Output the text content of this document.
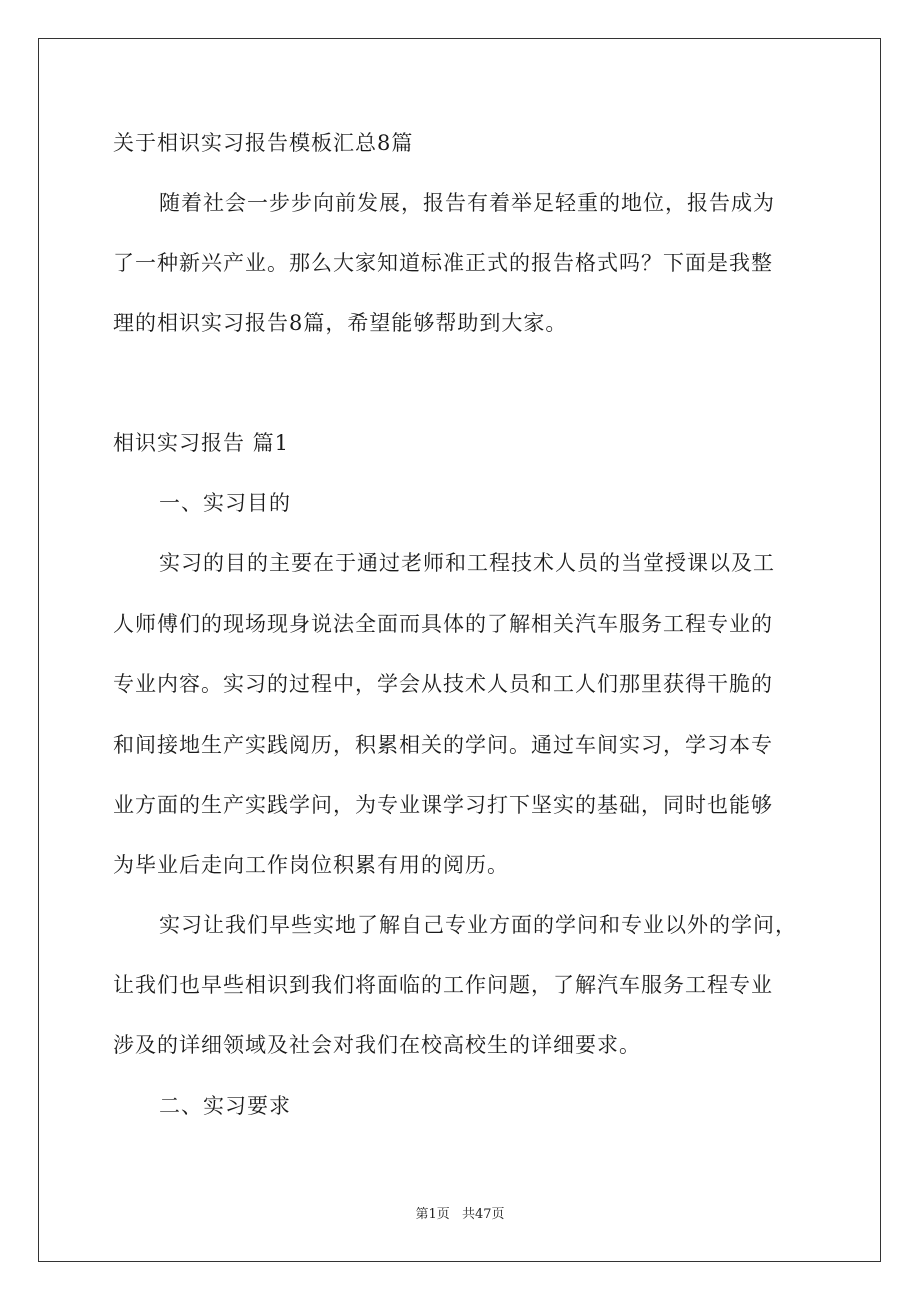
关于相识实习报告模板汇总8篇
随着社会一步步向前发展，报告有着举足轻重的地位，报告成为
了一种新兴产业。那么大家知道标准正式的报告格式吗？下面是我整
理的相识实习报告8篇，希望能够帮助到大家。
相识实习报告 篇1
一、实习目的
实习的目的主要在于通过老师和工程技术人员的当堂授课以及工
人师傅们的现场现身说法全面而具体的了解相关汽车服务工程专业的
专业内容。实习的过程中，学会从技术人员和工人们那里获得干脆的
和间接地生产实践阅历，积累相关的学问。通过车间实习，学习本专
业方面的生产实践学问，为专业课学习打下坚实的基础，同时也能够
为毕业后走向工作岗位积累有用的阅历。
实习让我们早些实地了解自己专业方面的学问和专业以外的学问，
让我们也早些相识到我们将面临的工作问题，了解汽车服务工程专业
涉及的详细领域及社会对我们在校高校生的详细要求。
二、实习要求
第1页 共47页
